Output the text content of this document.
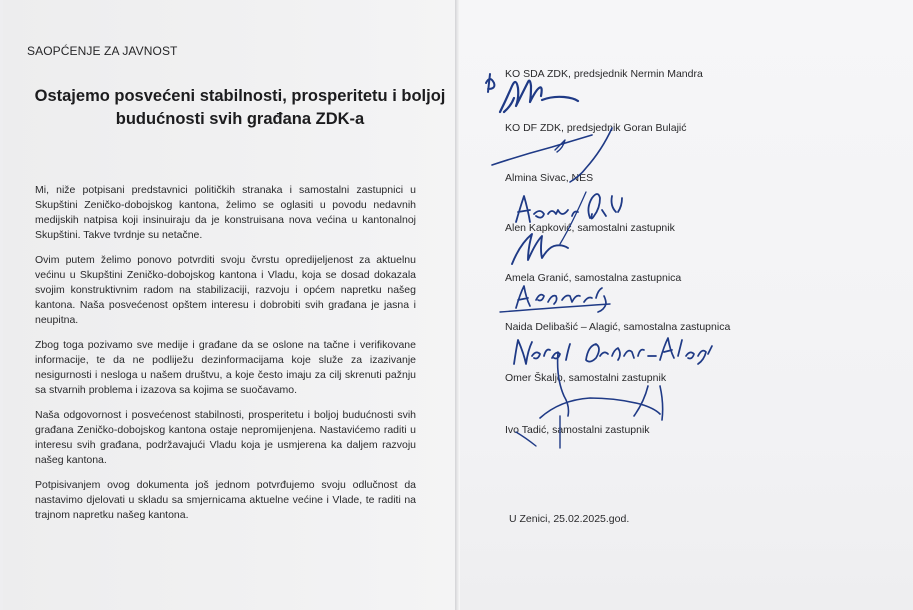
SAOPĆENJE ZA JAVNOST
Ostajemo posvećeni stabilnosti, prosperitetu i boljoj budućnosti svih građana ZDK-a

Mi, niže potpisani predstavnici političkih stranaka i samostalni zastupnici u Skupštini Zeničko-dobojskog kantona, želimo se oglasiti u povodu nedavnih medijskih natpisa koji insinuiraju da je konstruisana nova većina u kantonalnoj Skupštini. Takve tvrdnje su netačne.

Ovim putem želimo ponovo potvrditi svoju čvrstu opredijeljenost za aktuelnu većinu u Skupštini Zeničko-dobojskog kantona i Vladu, koja se dosad dokazala svojim konstruktivnim radom na stabilizaciji, razvoju i općem napretku našeg kantona. Naša posvećenost opštem interesu i dobrobiti svih građana je jasna i neupitna.

Zbog toga pozivamo sve medije i građane da se oslone na tačne i verifikovane informacije, te da ne podliježu dezinformacijama koje služe za izazivanje nesigurnosti i nesloga u našem društvu, a koje često imaju za cilj skrenuti pažnju sa stvarnih problema i izazova sa kojima se suočavamo.

Naša odgovornost i posvećenost stabilnosti, prosperitetu i boljoj budućnosti svih građana Zeničko-dobojskog kantona ostaje nepromijenjena. Nastavićemo raditi u interesu svih građana, podržavajući Vladu koja je usmjerena ka daljem razvoju našeg kantona.

Potpisivanjem ovog dokumenta još jednom potvrđujemo svoju odlučnost da nastavimo djelovati u skladu sa smjernicama aktuelne većine i Vlade, te raditi na trajnom napretku našeg kantona.

KO SDA ZDK, predsjednik Nermin Mandra
KO DF ZDK, predsjednik Goran Bulajić
Almina Sivac, NES
Alen Kapković, samostalni zastupnik
Amela Granić, samostalna zastupnica
Naida Delibašić – Alagić, samostalna zastupnica
Omer Škaljo, samostalni zastupnik
Ivo Tadić, samostalni zastupnik
U Zenici, 25.02.2025.god.
